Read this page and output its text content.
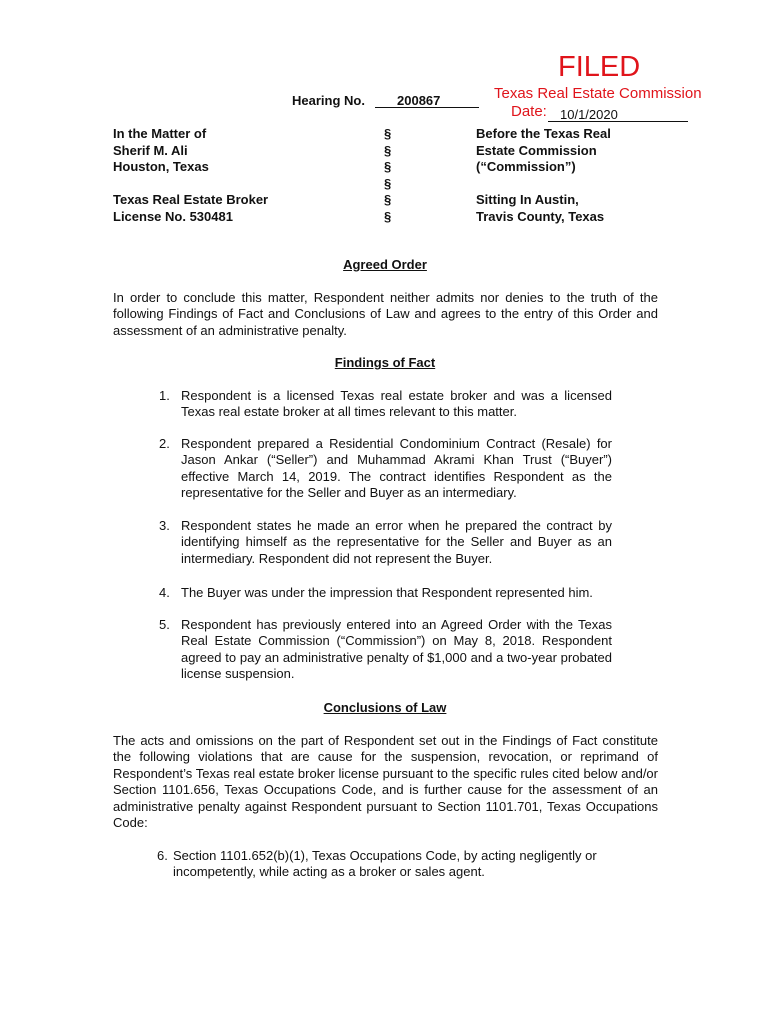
FILED
Texas Real Estate Commission
Date: 10/1/2020
Hearing No. 200867
In the Matter of
Sherif M. Ali
Houston, Texas
Texas Real Estate Broker
License No. 530481
§
§
§
§
§
§
Before the Texas Real
Estate Commission
(“Commission”)
Sitting In Austin,
Travis County, Texas
Agreed Order
In order to conclude this matter, Respondent neither admits nor denies to the truth of the following Findings of Fact and Conclusions of Law and agrees to the entry of this Order and assessment of an administrative penalty.
Findings of Fact
1. Respondent is a licensed Texas real estate broker and was a licensed Texas real estate broker at all times relevant to this matter.
2. Respondent prepared a Residential Condominium Contract (Resale) for Jason Ankar (“Seller”) and Muhammad Akrami Khan Trust (“Buyer”) effective March 14, 2019. The contract identifies Respondent as the representative for the Seller and Buyer as an intermediary.
3. Respondent states he made an error when he prepared the contract by identifying himself as the representative for the Seller and Buyer as an intermediary. Respondent did not represent the Buyer.
4. The Buyer was under the impression that Respondent represented him.
5. Respondent has previously entered into an Agreed Order with the Texas Real Estate Commission (“Commission”) on May 8, 2018. Respondent agreed to pay an administrative penalty of $1,000 and a two-year probated license suspension.
Conclusions of Law
The acts and omissions on the part of Respondent set out in the Findings of Fact constitute the following violations that are cause for the suspension, revocation, or reprimand of Respondent’s Texas real estate broker license pursuant to the specific rules cited below and/or Section 1101.656, Texas Occupations Code, and is further cause for the assessment of an administrative penalty against Respondent pursuant to Section 1101.701, Texas Occupations Code:
6. Section 1101.652(b)(1), Texas Occupations Code, by acting negligently or incompetently, while acting as a broker or sales agent.
